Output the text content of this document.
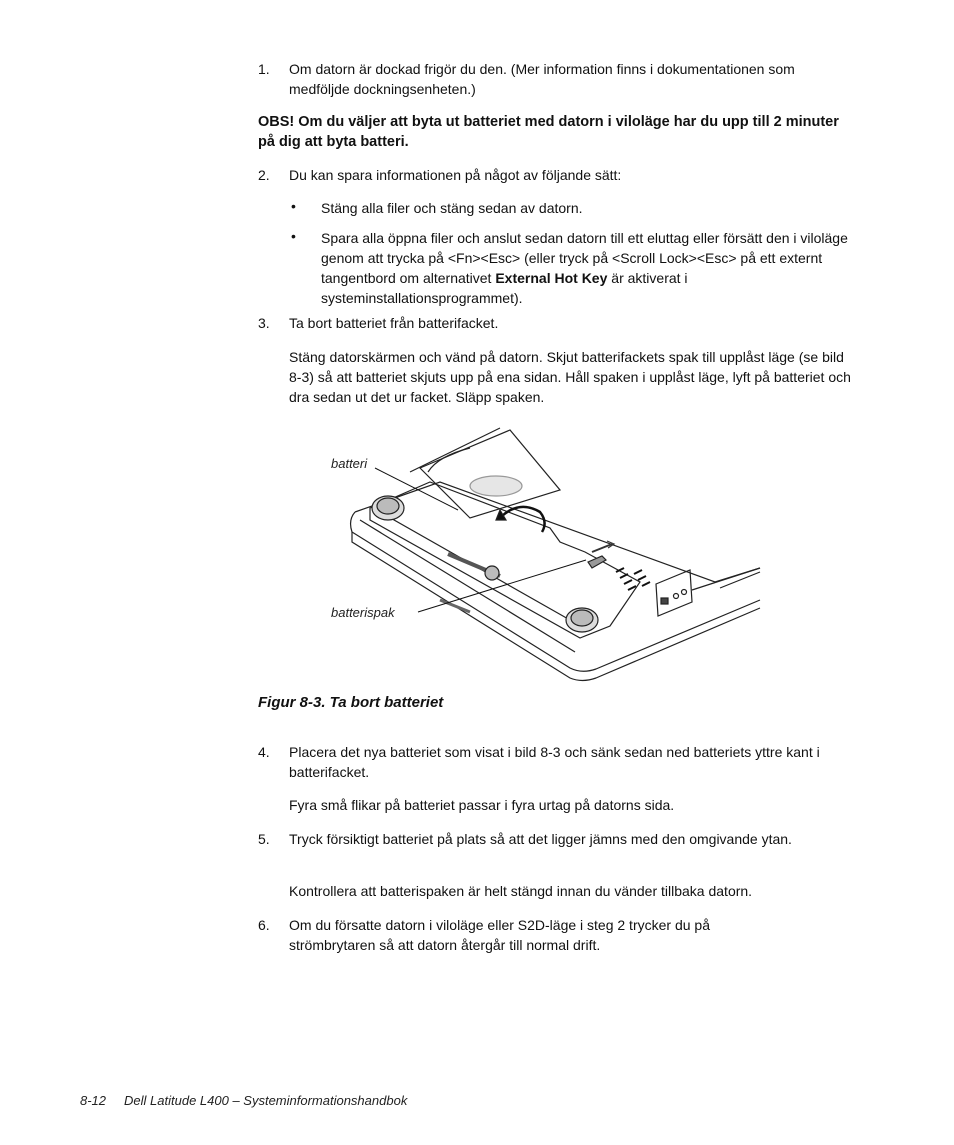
1.	Om datorn är dockad frigör du den. (Mer information finns i dokumentationen som medföljde dockningsenheten.)
OBS! Om du väljer att byta ut batteriet med datorn i viloläge har du upp till 2 minuter på dig att byta batteri.
2.	Du kan spara informationen på något av följande sätt:
• Stäng alla filer och stäng sedan av datorn.
• Spara alla öppna filer och anslut sedan datorn till ett eluttag eller försätt den i viloläge genom att trycka på <Fn><Esc> (eller tryck på <Scroll Lock><Esc> på ett externt tangentbord om alternativet External Hot Key är aktiverat i systeminstallationsprogrammet).
3.	Ta bort batteriet från batterifacket.
Stäng datorskärmen och vänd på datorn. Skjut batterifackets spak till upplåst läge (se bild 8-3) så att batteriet skjuts upp på ena sidan. Håll spaken i upplåst läge, lyft på batteriet och dra sedan ut det ur facket. Släpp spaken.
batteri
batterispak
Figur 8-3. Ta bort batteriet
4.	Placera det nya batteriet som visat i bild 8-3 och sänk sedan ned batteriets yttre kant i batterifacket.
Fyra små flikar på batteriet passar i fyra urtag på datorns sida.
5.	Tryck försiktigt batteriet på plats så att det ligger jämns med den omgivande ytan.
Kontrollera att batterispaken är helt stängd innan du vänder tillbaka datorn.
6.	Om du försatte datorn i viloläge eller S2D-läge i steg 2 trycker du på strömbrytaren så att datorn återgår till normal drift.
8-12 Dell Latitude L400 – Systeminformationshandbok
